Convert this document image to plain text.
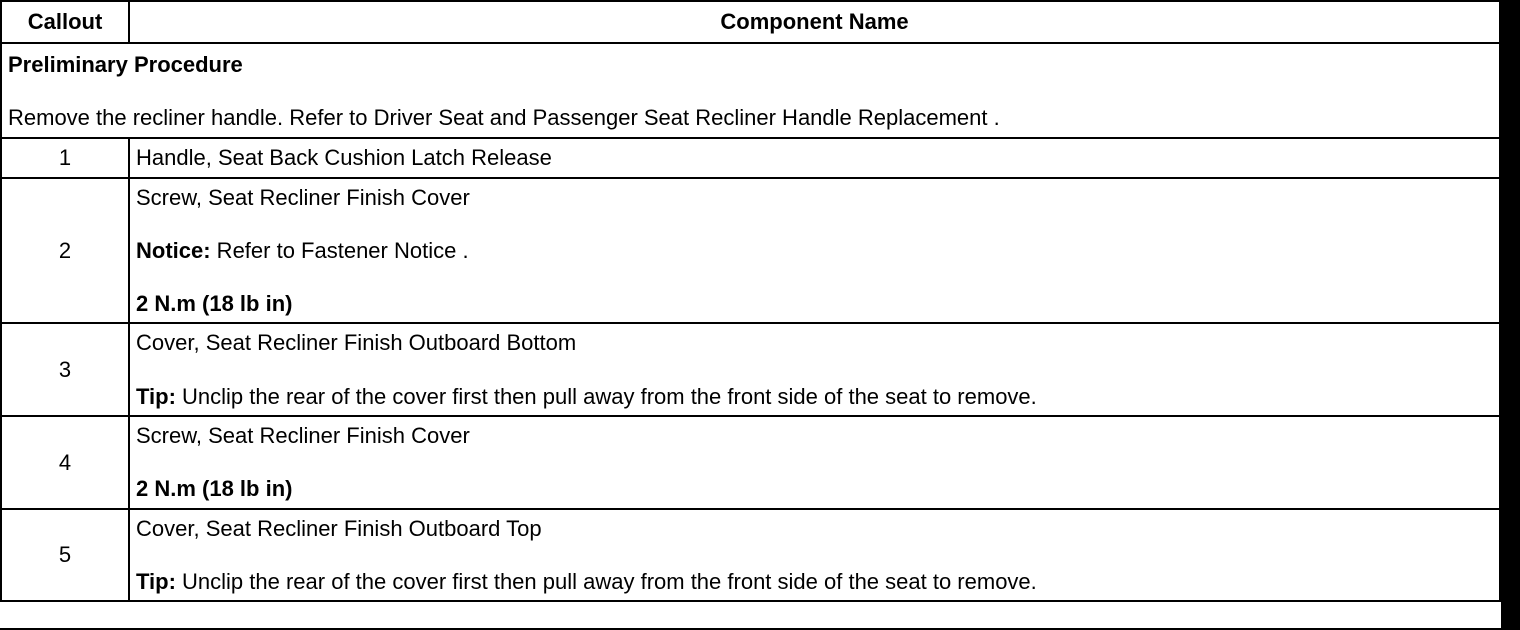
Callout	Component Name

Preliminary Procedure

Remove the recliner handle. Refer to Driver Seat and Passenger Seat Recliner Handle Replacement .	

1	Handle, Seat Back Cushion Latch Release

2	Screw, Seat Recliner Finish Cover

Notice: Refer to Fastener Notice .

2 N.m (18 lb in)

3	Cover, Seat Recliner Finish Outboard Bottom

Tip: Unclip the rear of the cover first then pull away from the front side of the seat to remove.

4	Screw, Seat Recliner Finish Cover

2 N.m (18 lb in)

5	Cover, Seat Recliner Finish Outboard Top

Tip: Unclip the rear of the cover first then pull away from the front side of the seat to remove.
